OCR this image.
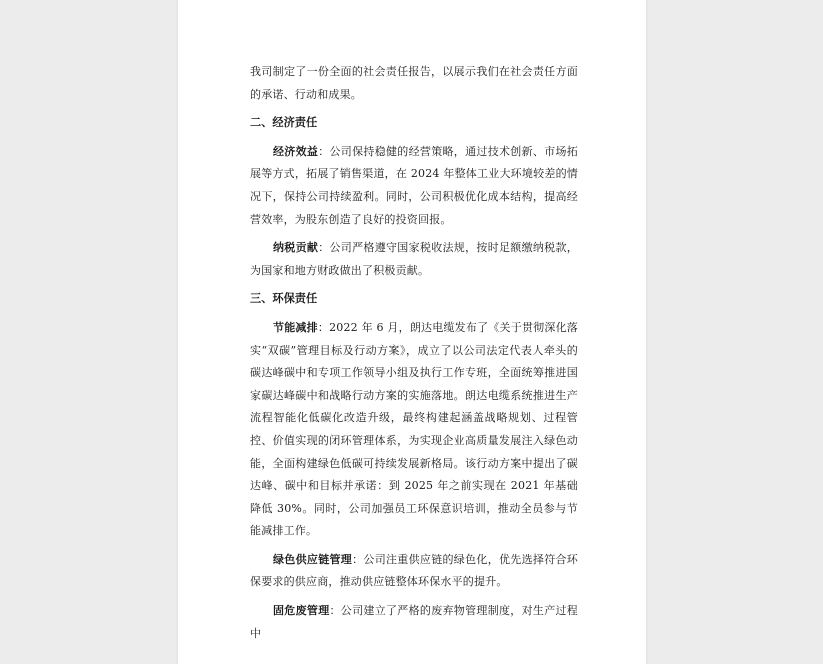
我司制定了一份全面的社会责任报告，以展示我们在社会责任方面的承诺、行动和成果。

二、经济责任

经济效益：公司保持稳健的经营策略，通过技术创新、市场拓展等方式，拓展了销售渠道，在 2024 年整体工业大环境较差的情况下，保持公司持续盈利。同时，公司积极优化成本结构，提高经营效率，为股东创造了良好的投资回报。

纳税贡献：公司严格遵守国家税收法规，按时足额缴纳税款，为国家和地方财政做出了积极贡献。

三、环保责任

节能减排：2022 年 6 月，朗达电缆发布了《关于贯彻深化落实“双碳”管理目标及行动方案》，成立了以公司法定代表人牵头的碳达峰碳中和专项工作领导小组及执行工作专班，全面统筹推进国家碳达峰碳中和战略行动方案的实施落地。朗达电缆系统推进生产流程智能化低碳化改造升级，最终构建起涵盖战略规划、过程管控、价值实现的闭环管理体系，为实现企业高质量发展注入绿色动能，全面构建绿色低碳可持续发展新格局。该行动方案中提出了碳达峰、碳中和目标并承诺：到 2025 年之前实现在 2021 年基础降低 30%。同时，公司加强员工环保意识培训，推动全员参与节能减排工作。

绿色供应链管理：公司注重供应链的绿色化，优先选择符合环保要求的供应商，推动供应链整体环保水平的提升。

固危废管理：公司建立了严格的废弃物管理制度，对生产过程中
